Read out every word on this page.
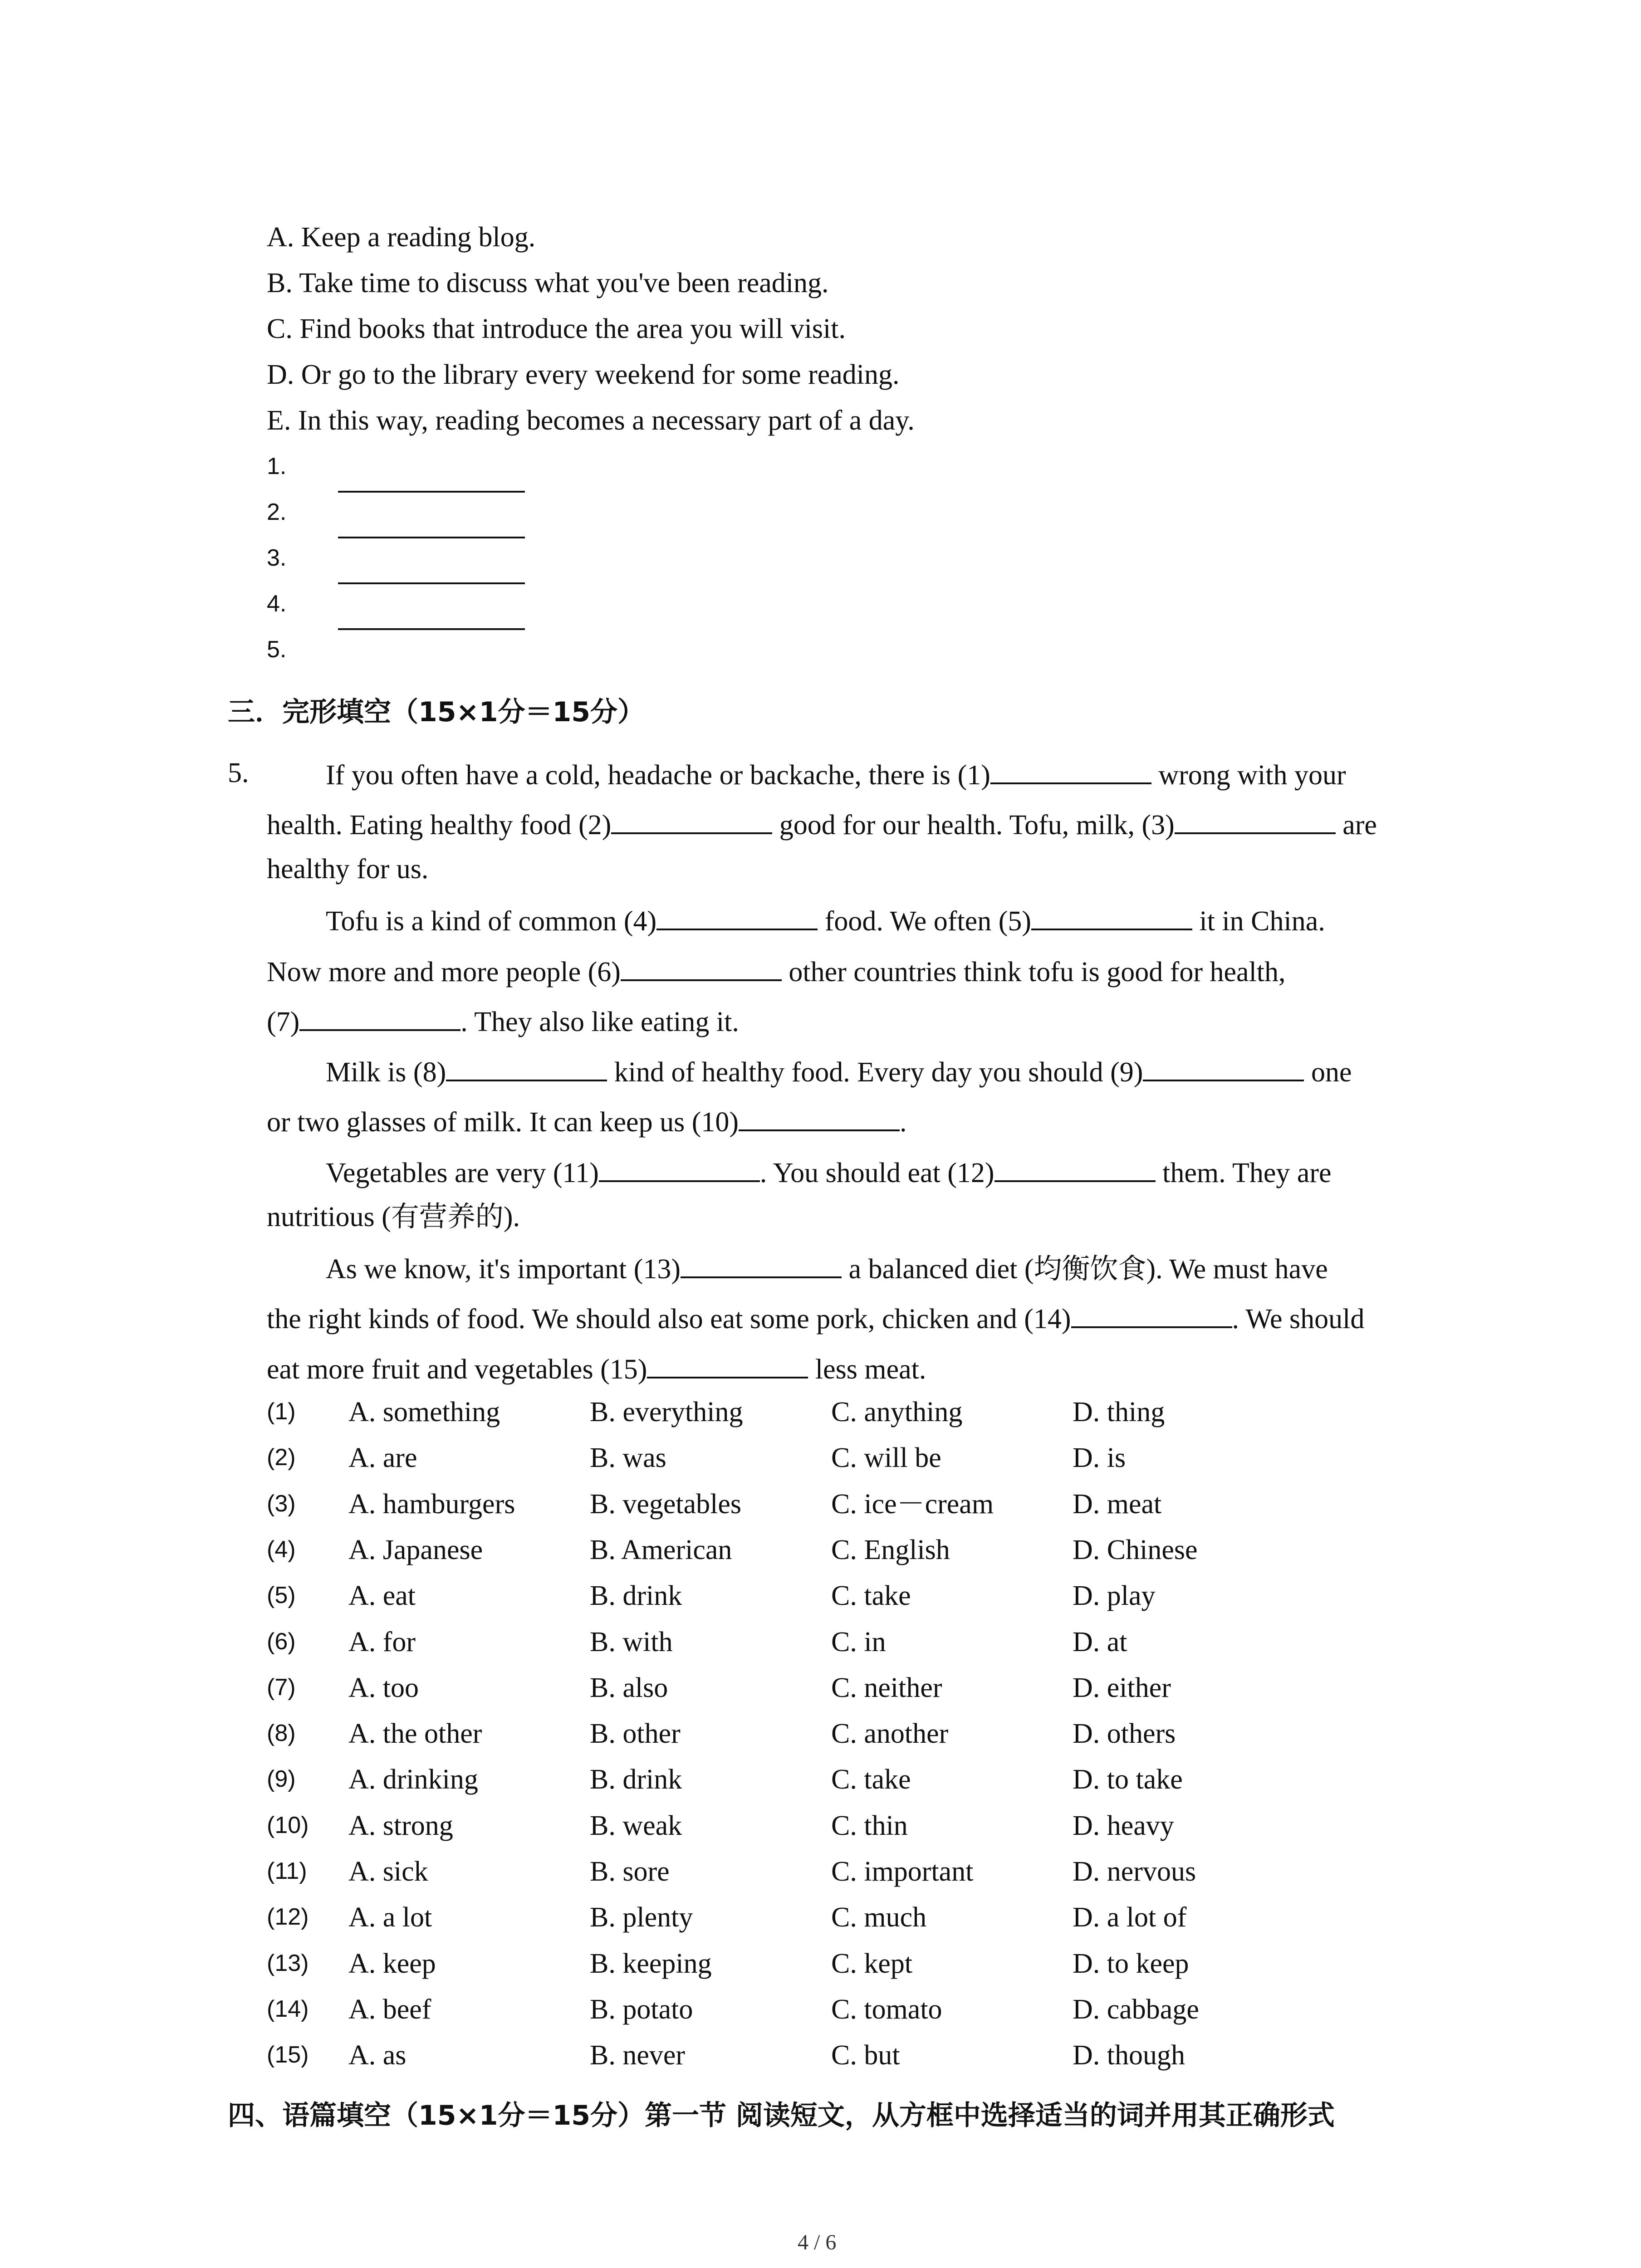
A. Keep a reading blog.
B. Take time to discuss what you've been reading.
C. Find books that introduce the area you will visit.
D. Or go to the library every weekend for some reading.
E. In this way, reading becomes a necessary part of a day.
1.
2.
3.
4.
5.
三．完形填空（15×1分＝15分）
5.	If you often have a cold, headache or backache, there is (1)	wrong with your
health. Eating healthy food (2)	good for our health. Tofu, milk, (3)	are
healthy for us.
Tofu is a kind of common (4)	food. We often (5)	it in China.
Now more and more people (6)	other countries think tofu is good for health,
(7)	. They also like eating it.
Milk is (8)	kind of healthy food. Every day you should (9)	one
or two glasses of milk. It can keep us (10)	.
Vegetables are very (11)	. You should eat (12)	them. They are
nutritious (有营养的).
As we know, it's important (13)	a balanced diet (均衡饮食). We must have
the right kinds of food. We should also eat some pork, chicken and (14)	. We should
eat more fruit and vegetables (15)	less meat.
(1) A. something	B. everything	C. anything	D. thing
(2) A. are	B. was	C. will be	D. is
(3) A. hamburgers	B. vegetables	C. ice－cream	D. meat
(4) A. Japanese	B. American	C. English	D. Chinese
(5) A. eat	B. drink	C. take	D. play
(6) A. for	B. with	C. in	D. at
(7) A. too	B. also	C. neither	D. either
(8) A. the other	B. other	C. another	D. others
(9) A. drinking	B. drink	C. take	D. to take
(10) A. strong	B. weak	C. thin	D. heavy
(11) A. sick	B. sore	C. important	D. nervous
(12) A. a lot	B. plenty	C. much	D. a lot of
(13) A. keep	B. keeping	C. kept	D. to keep
(14) A. beef	B. potato	C. tomato	D. cabbage
(15) A. as	B. never	C. but	D. though
四、语篇填空（15×1分＝15分）第一节 阅读短文，从方框中选择适当的词并用其正确形式
4 / 6
